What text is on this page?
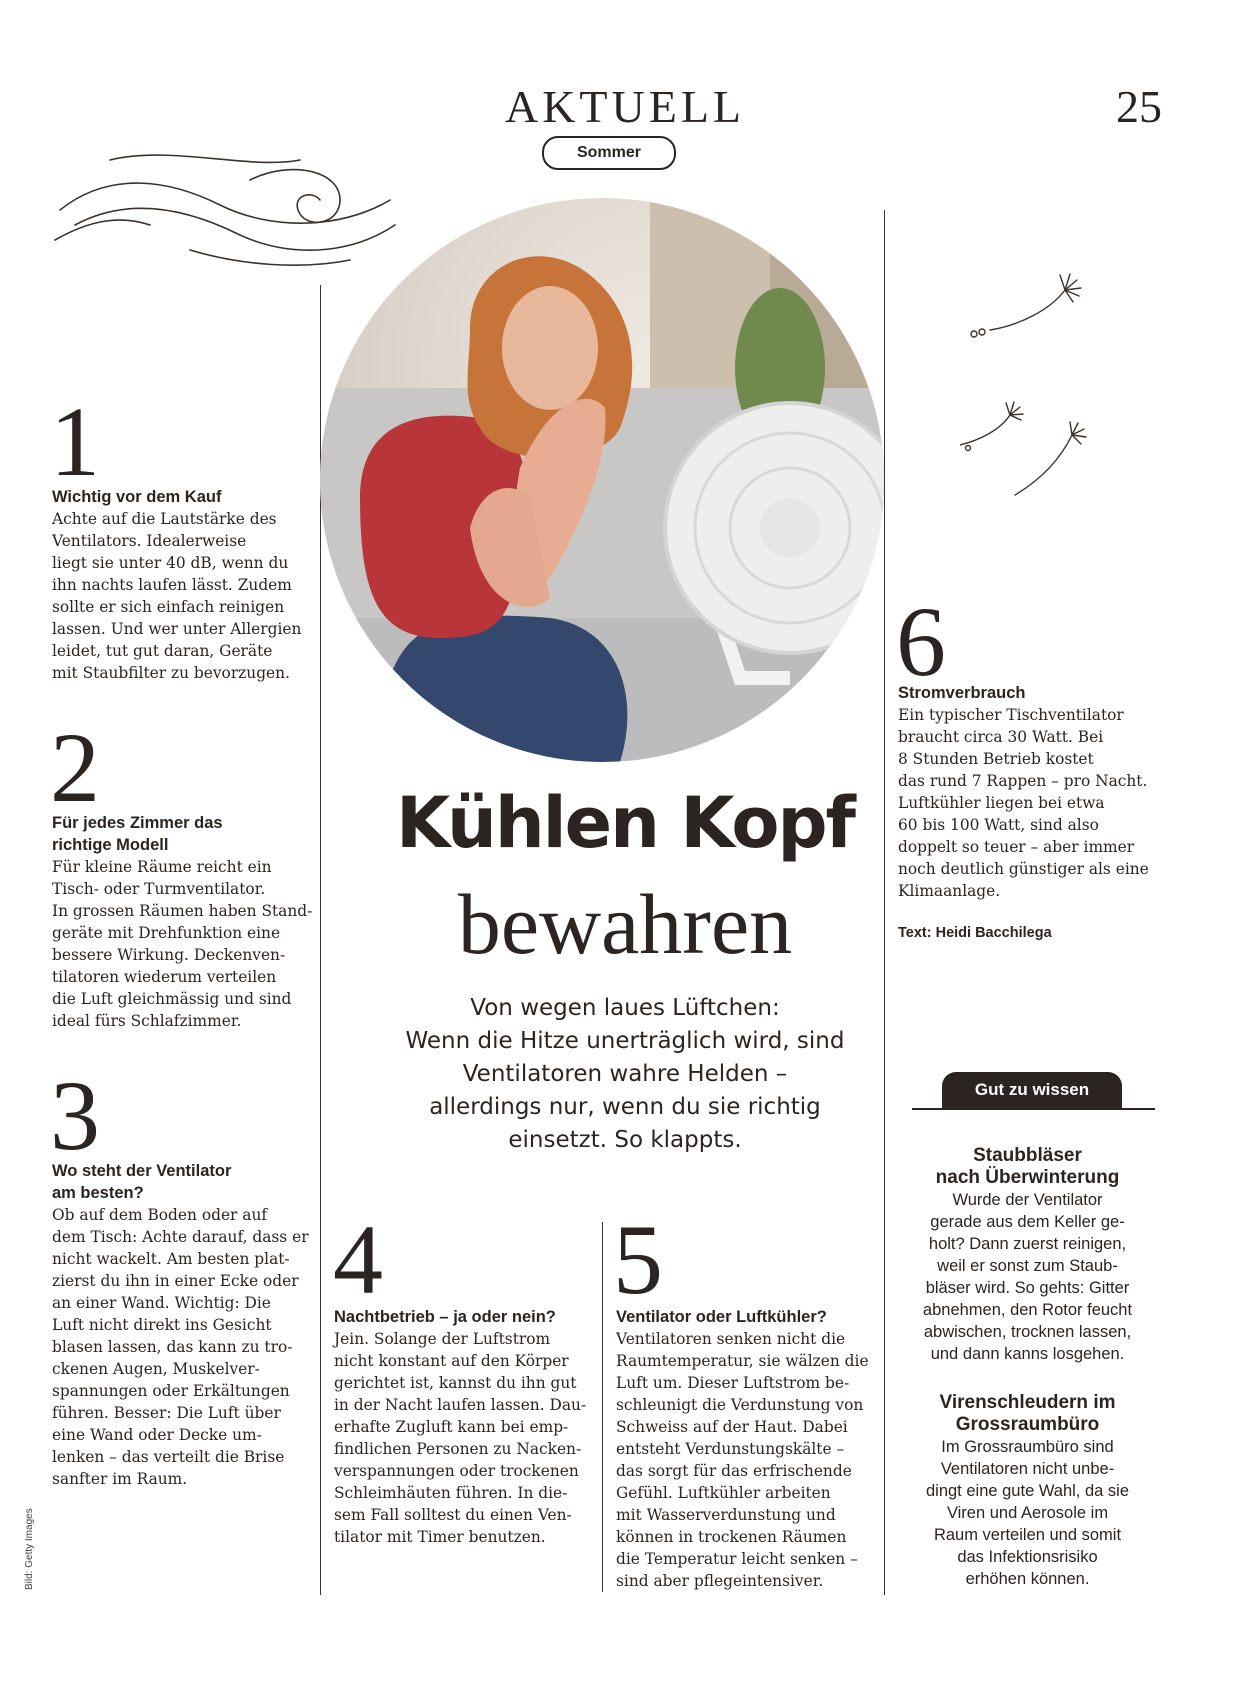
AKTUELL	25
Sommer
Kühlen Kopf
bewahren
Von wegen laues Lüftchen:
Wenn die Hitze unerträglich wird, sind
Ventilatoren wahre Helden –
allerdings nur, wenn du sie richtig
einsetzt. So klappts.
1
Wichtig vor dem Kauf
Achte auf die Lautstärke des
Ventilators. Idealerweise
liegt sie unter 40 dB, wenn du
ihn nachts laufen lässt. Zudem
sollte er sich einfach reinigen
lassen. Und wer unter Allergien
leidet, tut gut daran, Geräte
mit Staubfilter zu bevorzugen.
2
Für jedes Zimmer das
richtige Modell
Für kleine Räume reicht ein
Tisch- oder Turmventilator.
In grossen Räumen haben Stand-
geräte mit Drehfunktion eine
bessere Wirkung. Deckenven-
tilatoren wiederum verteilen
die Luft gleichmässig und sind
ideal fürs Schlafzimmer.
3
Wo steht der Ventilator
am besten?
Ob auf dem Boden oder auf
dem Tisch: Achte darauf, dass er
nicht wackelt. Am besten plat-
zierst du ihn in einer Ecke oder
an einer Wand. Wichtig: Die
Luft nicht direkt ins Gesicht
blasen lassen, das kann zu tro-
ckenen Augen, Muskelver-
spannungen oder Erkältungen
führen. Besser: Die Luft über
eine Wand oder Decke um-
lenken – das verteilt die Brise
sanfter im Raum.
4
Nachtbetrieb – ja oder nein?
Jein. Solange der Luftstrom
nicht konstant auf den Körper
gerichtet ist, kannst du ihn gut
in der Nacht laufen lassen. Dau-
erhafte Zugluft kann bei emp-
findlichen Personen zu Nacken-
verspannungen oder trockenen
Schleimhäuten führen. In die-
sem Fall solltest du einen Ven-
tilator mit Timer benutzen.
5
Ventilator oder Luftkühler?
Ventilatoren senken nicht die
Raumtemperatur, sie wälzen die
Luft um. Dieser Luftstrom be-
schleunigt die Verdunstung von
Schweiss auf der Haut. Dabei
entsteht Verdunstungskälte –
das sorgt für das erfrischende
Gefühl. Luftkühler arbeiten
mit Wasserverdunstung und
können in trockenen Räumen
die Temperatur leicht senken –
sind aber pflegeintensiver.
6
Stromverbrauch
Ein typischer Tischventilator
braucht circa 30 Watt. Bei
8 Stunden Betrieb kostet
das rund 7 Rappen – pro Nacht.
Luftkühler liegen bei etwa
60 bis 100 Watt, sind also
doppelt so teuer – aber immer
noch deutlich günstiger als eine
Klimaanlage.
Text: Heidi Bacchilega
Gut zu wissen
Staubbläser
nach Überwinterung
Wurde der Ventilator
gerade aus dem Keller ge-
holt? Dann zuerst reinigen,
weil er sonst zum Staub-
bläser wird. So gehts: Gitter
abnehmen, den Rotor feucht
abwischen, trocknen lassen,
und dann kanns losgehen.
Virenschleudern im
Grossraumbüro
Im Grossraumbüro sind
Ventilatoren nicht unbe-
dingt eine gute Wahl, da sie
Viren und Aerosole im
Raum verteilen und somit
das Infektionsrisiko
erhöhen können.
Bild: Getty Images
